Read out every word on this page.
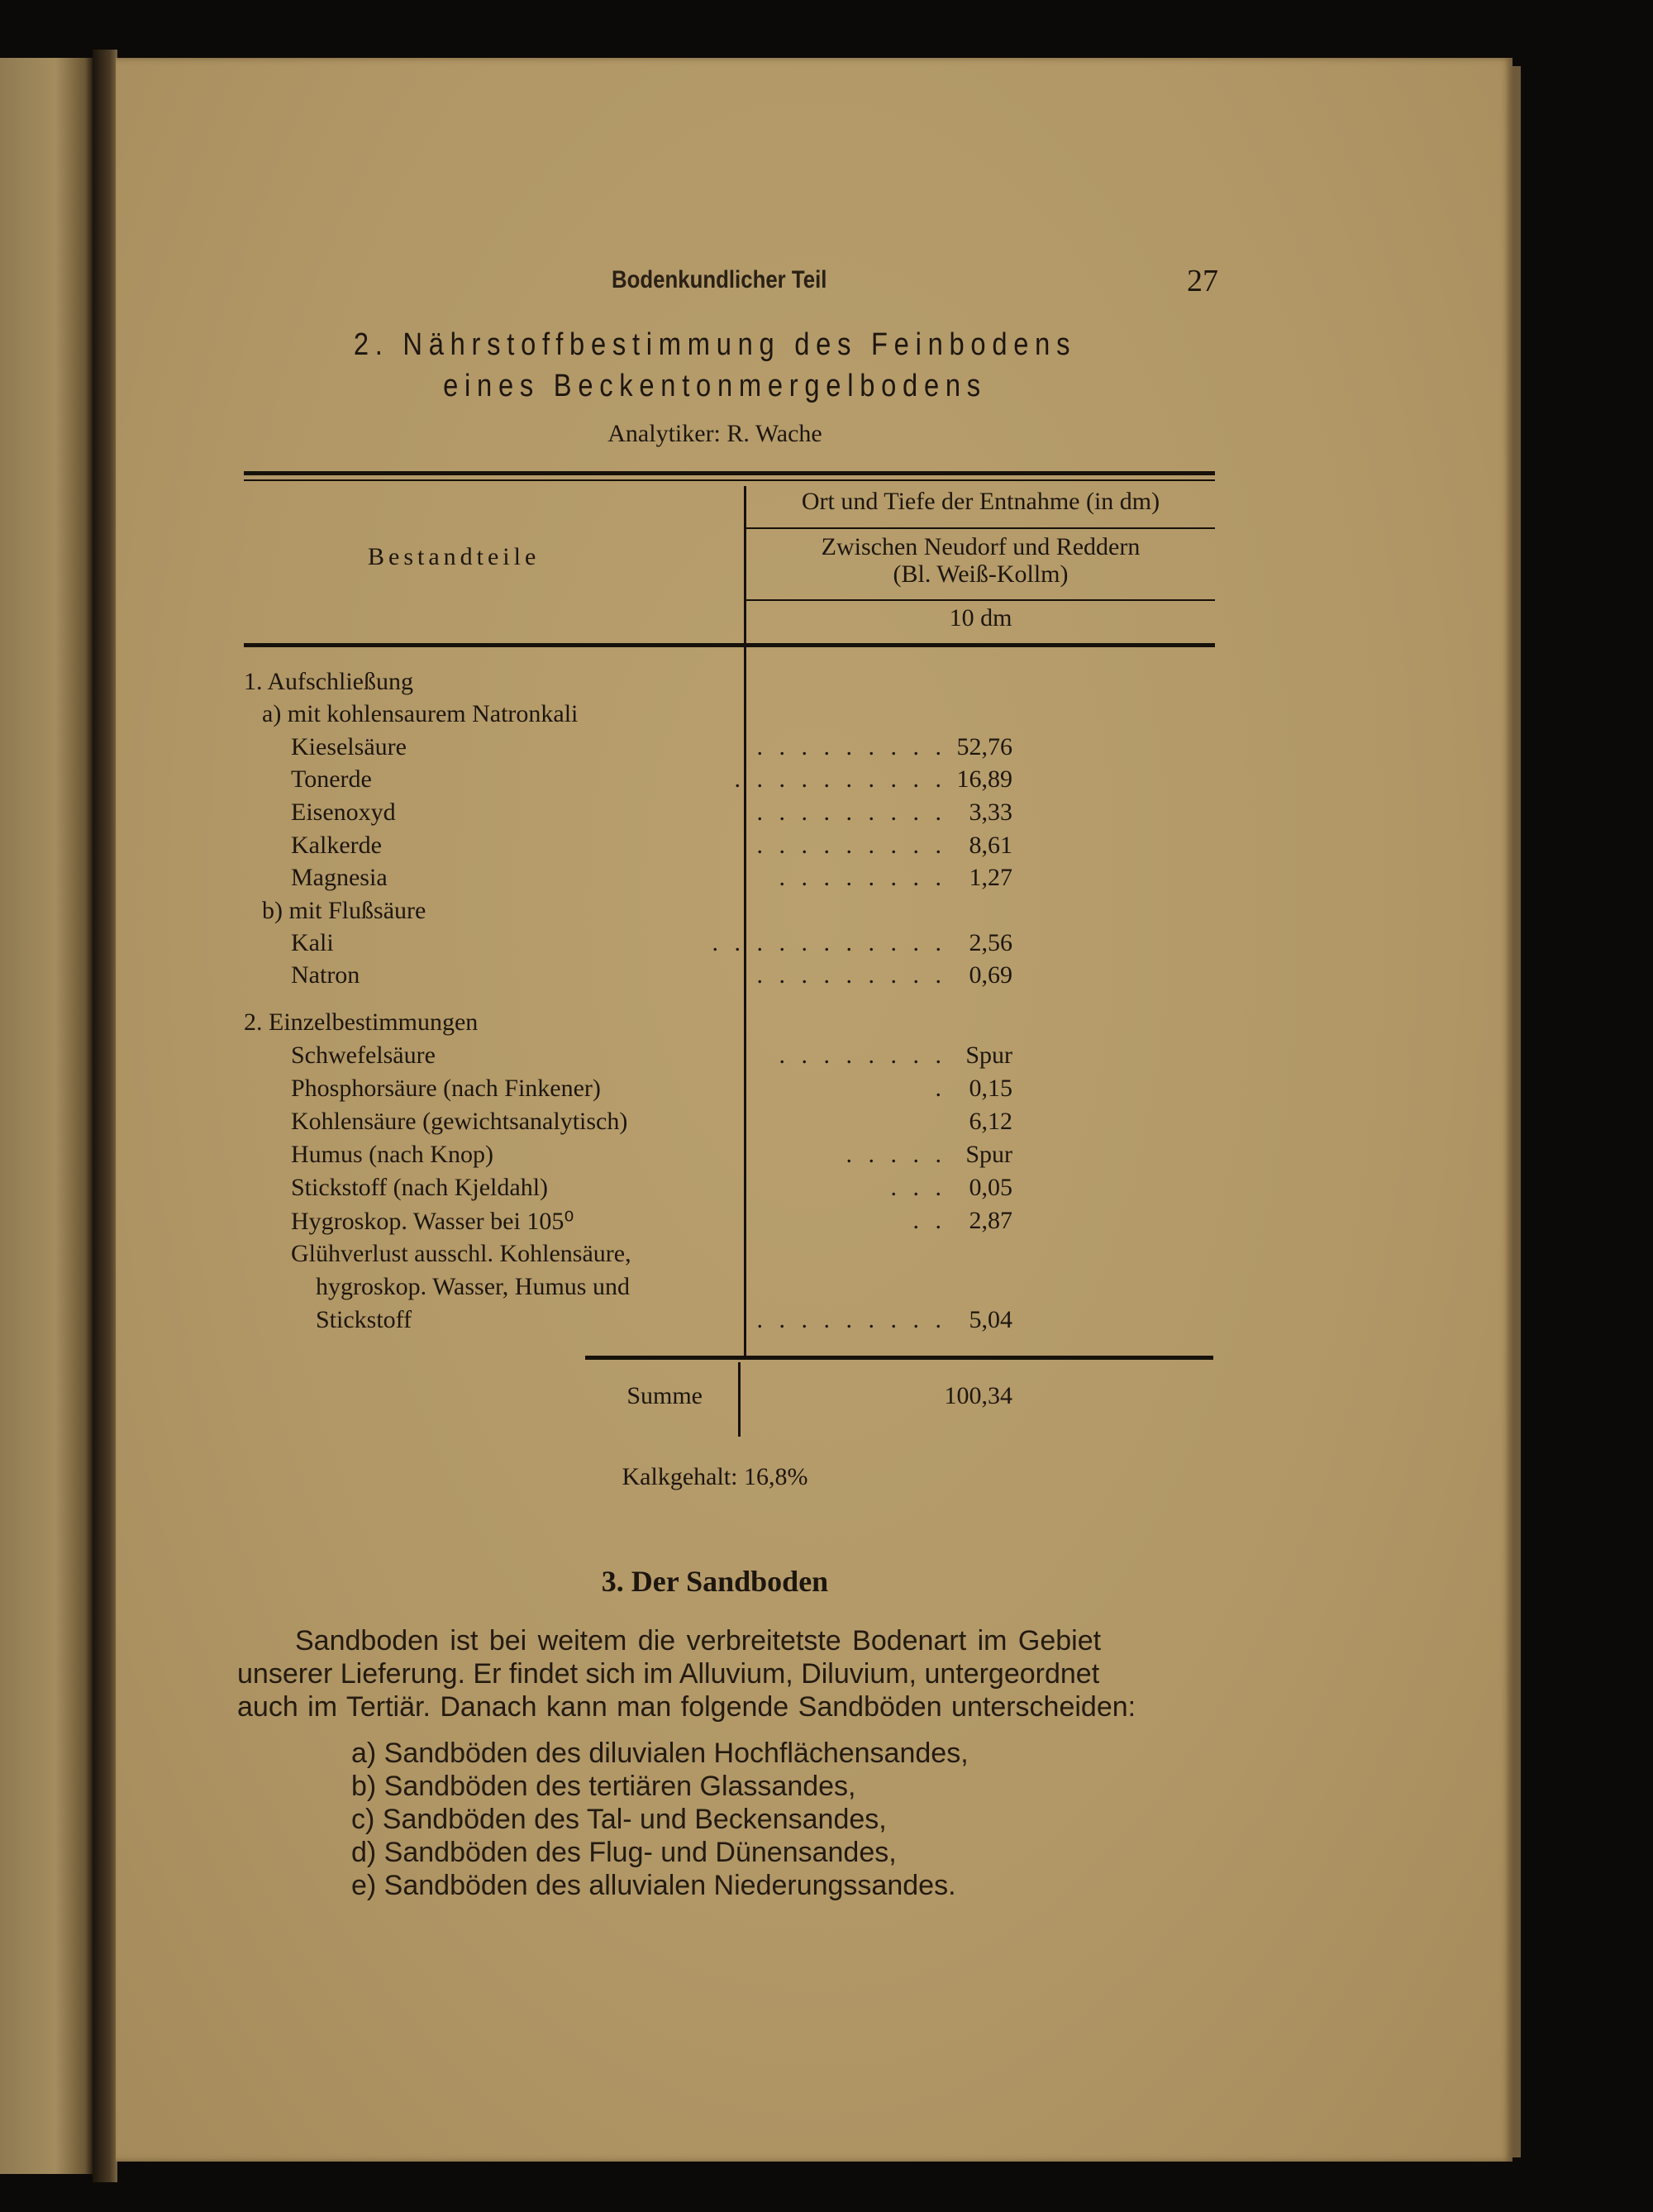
Bodenkundlicher Teil	27
2. Nährstoffbestimmung des Feinbodens
eines Beckentonmergelbodens
Analytiker: R. Wache
Bestandteile
Ort und Tiefe der Entnahme (in dm)
Zwischen Neudorf und Reddern
(Bl. Weiß-Kollm)
10 dm
1. Aufschließung
a) mit kohlensaurem Natronkali
Kieselsäure	. . . . . . . . . 52,76
Tonerde	. . . . . . . . . . 16,89
Eisenoxyd	. . . . . . . . . 3,33
Kalkerde	. . . . . . . . . 8,61
Magnesia	. . . . . . . . 1,27
b) mit Flußsäure
Kali	. . . . . . . . . . . 2,56
Natron	. . . . . . . . . 0,69
2. Einzelbestimmungen
Schwefelsäure	. . . . . . . . Spur
Phosphorsäure (nach Finkener)	. 0,15
Kohlensäure (gewichtsanalytisch)	6,12
Humus (nach Knop)	. . . . . Spur
Stickstoff (nach Kjeldahl)	. . . 0,05
Hygroskop. Wasser bei 105⁰	. . 2,87
Glühverlust ausschl. Kohlensäure,
hygroskop. Wasser, Humus und
Stickstoff	. . . . . . . . . 5,04
Summe	100,34
Kalkgehalt: 16,8%
3. Der Sandboden
Sandboden ist bei weitem die verbreitetste Bodenart im Gebiet
unserer Lieferung. Er findet sich im Alluvium, Diluvium, untergeordnet
auch im Tertiär. Danach kann man folgende Sandböden unterscheiden:
a) Sandböden des diluvialen Hochflächensandes,
b) Sandböden des tertiären Glassandes,
c) Sandböden des Tal- und Beckensandes,
d) Sandböden des Flug- und Dünensandes,
e) Sandböden des alluvialen Niederungssandes.
